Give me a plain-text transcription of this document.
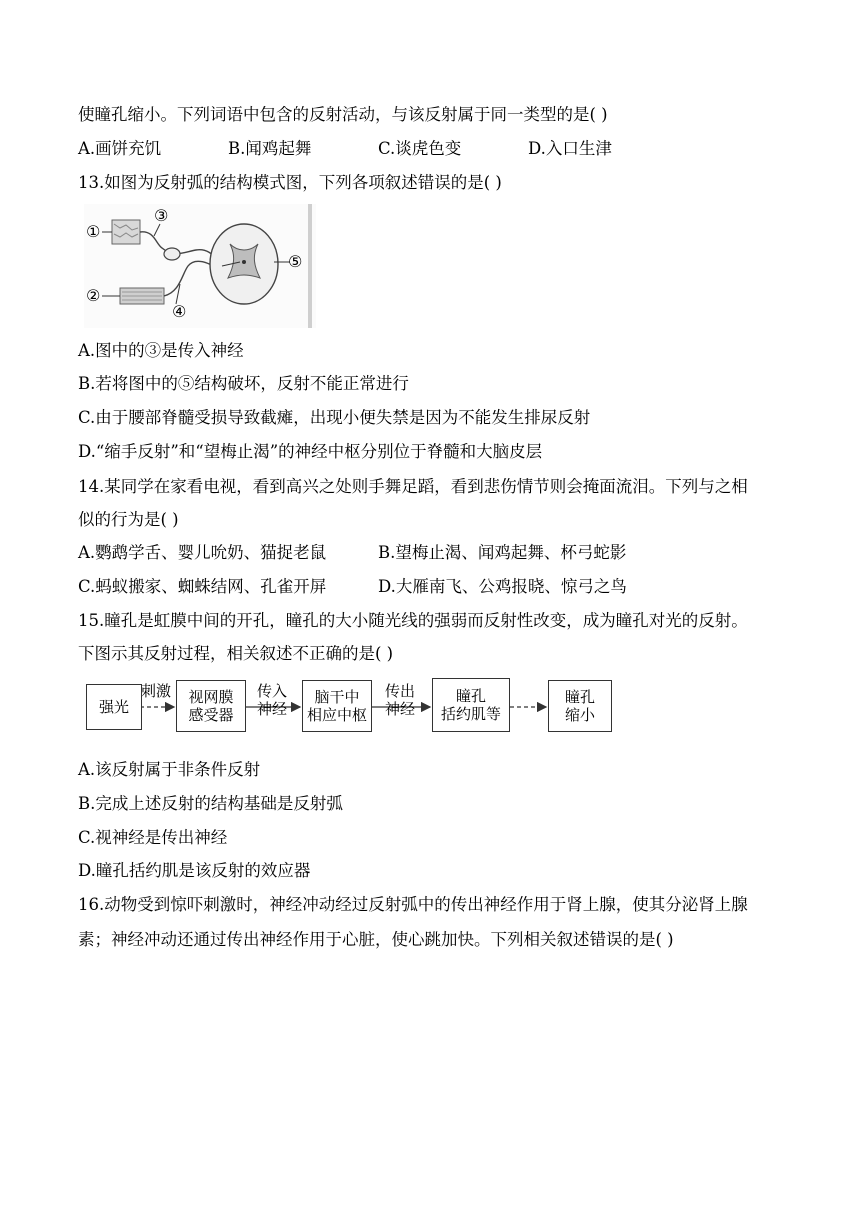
使瞳孔缩小。下列词语中包含的反射活动，与该反射属于同一类型的是( )
A.画饼充饥	B.闻鸡起舞	C.谈虎色变	D.入口生津
13.如图为反射弧的结构模式图，下列各项叙述错误的是( )
①
②
③
④
⑤
A.图中的③是传入神经
B.若将图中的⑤结构破坏，反射不能正常进行
C.由于腰部脊髓受损导致截瘫，出现小便失禁是因为不能发生排尿反射
D.“缩手反射”和“望梅止渴”的神经中枢分别位于脊髓和大脑皮层
14.某同学在家看电视，看到高兴之处则手舞足蹈，看到悲伤情节则会掩面流泪。下列与之相
似的行为是( )
A.鹦鹉学舌、婴儿吮奶、猫捉老鼠	B.望梅止渴、闻鸡起舞、杯弓蛇影
C.蚂蚁搬家、蜘蛛结网、孔雀开屏	D.大雁南飞、公鸡报晓、惊弓之鸟
15.瞳孔是虹膜中间的开孔，瞳孔的大小随光线的强弱而反射性改变，成为瞳孔对光的反射。
下图示其反射过程，相关叙述不正确的是( )
强光
视网膜
感受器
脑干中
相应中枢
瞳孔
括约肌等
瞳孔
缩小
刺激	传入
神经
传出
神经
A.该反射属于非条件反射
B.完成上述反射的结构基础是反射弧
C.视神经是传出神经
D.瞳孔括约肌是该反射的效应器
16.动物受到惊吓刺激时，神经冲动经过反射弧中的传出神经作用于肾上腺，使其分泌肾上腺
素；神经冲动还通过传出神经作用于心脏，使心跳加快。下列相关叙述错误的是( )
